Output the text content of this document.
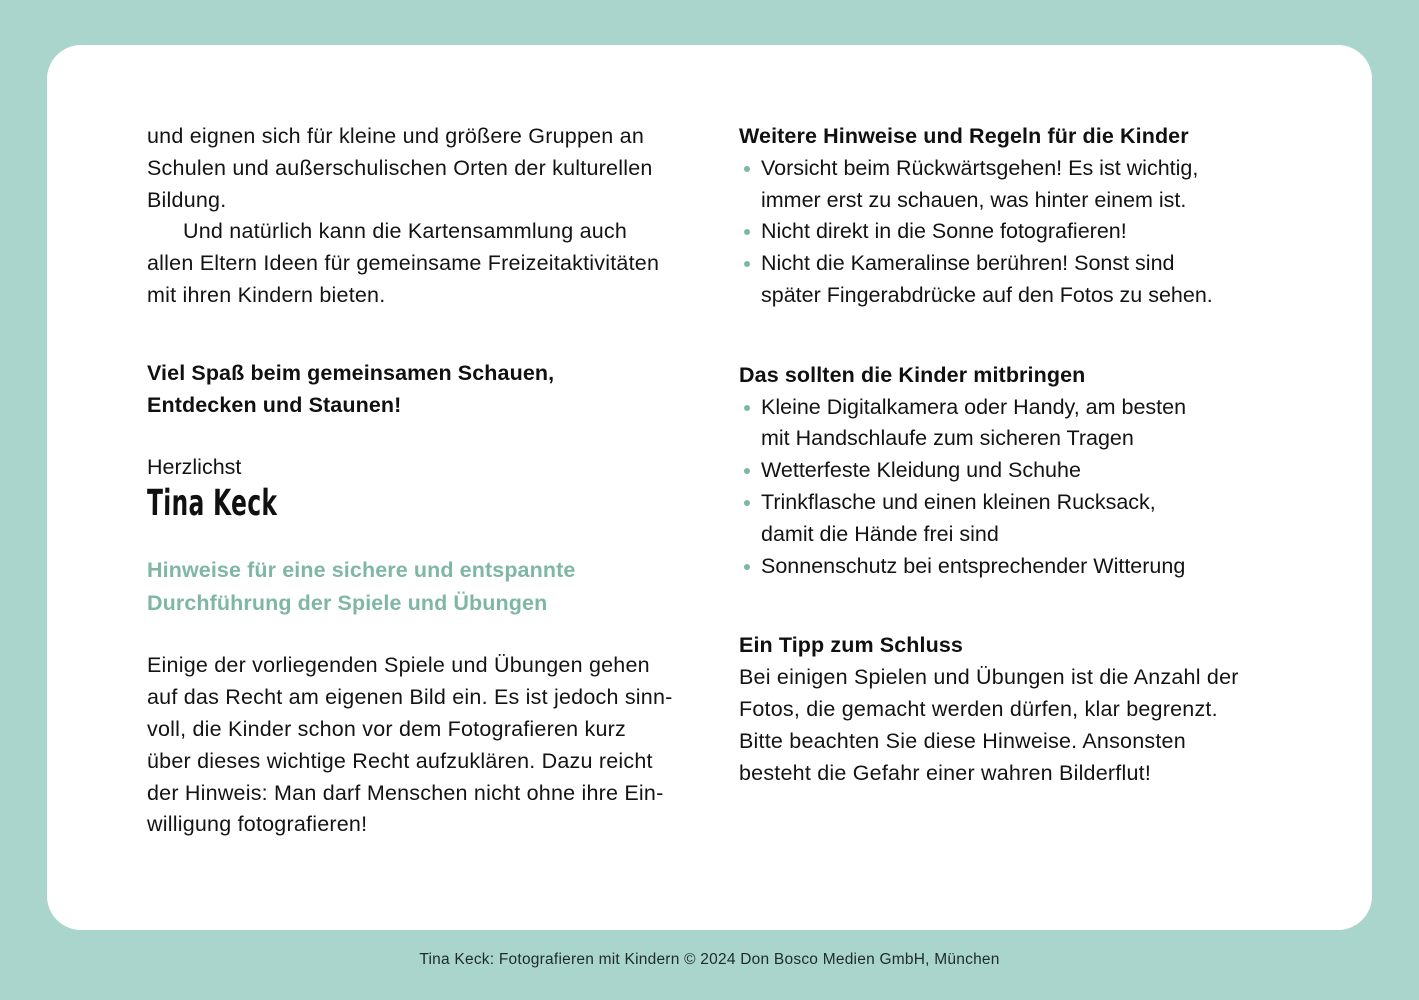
und eignen sich für kleine und größere Gruppen an
Schulen und außerschulischen Orten der kulturellen
Bildung.
Und natürlich kann die Kartensammlung auch
allen Eltern Ideen für gemeinsame Freizeitaktivitäten
mit ihren Kindern bieten.

Viel Spaß beim gemeinsamen Schauen,
Entdecken und Staunen!

Herzlichst

Tina Keck

Hinweise für eine sichere und entspannte
Durchführung der Spiele und Übungen

Einige der vorliegenden Spiele und Übungen gehen
auf das Recht am eigenen Bild ein. Es ist jedoch sinn-
voll, die Kinder schon vor dem Fotografieren kurz
über dieses wichtige Recht aufzuklären. Dazu reicht
der Hinweis: Man darf Menschen nicht ohne ihre Ein-
willigung fotografieren!

Weitere Hinweise und Regeln für die Kinder

Vorsicht beim Rückwärtsgehen! Es ist wichtig,
immer erst zu schauen, was hinter einem ist.
Nicht direkt in die Sonne fotografieren!
Nicht die Kameralinse berühren! Sonst sind
später Fingerabdrücke auf den Fotos zu sehen.

Das sollten die Kinder mitbringen

Kleine Digitalkamera oder Handy, am besten
mit Handschlaufe zum sicheren Tragen
Wetterfeste Kleidung und Schuhe
Trinkflasche und einen kleinen Rucksack,
damit die Hände frei sind
Sonnenschutz bei entsprechender Witterung

Ein Tipp zum Schluss

Bei einigen Spielen und Übungen ist die Anzahl der
Fotos, die gemacht werden dürfen, klar begrenzt.
Bitte beachten Sie diese Hinweise. Ansonsten
besteht die Gefahr einer wahren Bilderflut!

Tina Keck: Fotografieren mit Kindern © 2024 Don Bosco Medien GmbH, München
